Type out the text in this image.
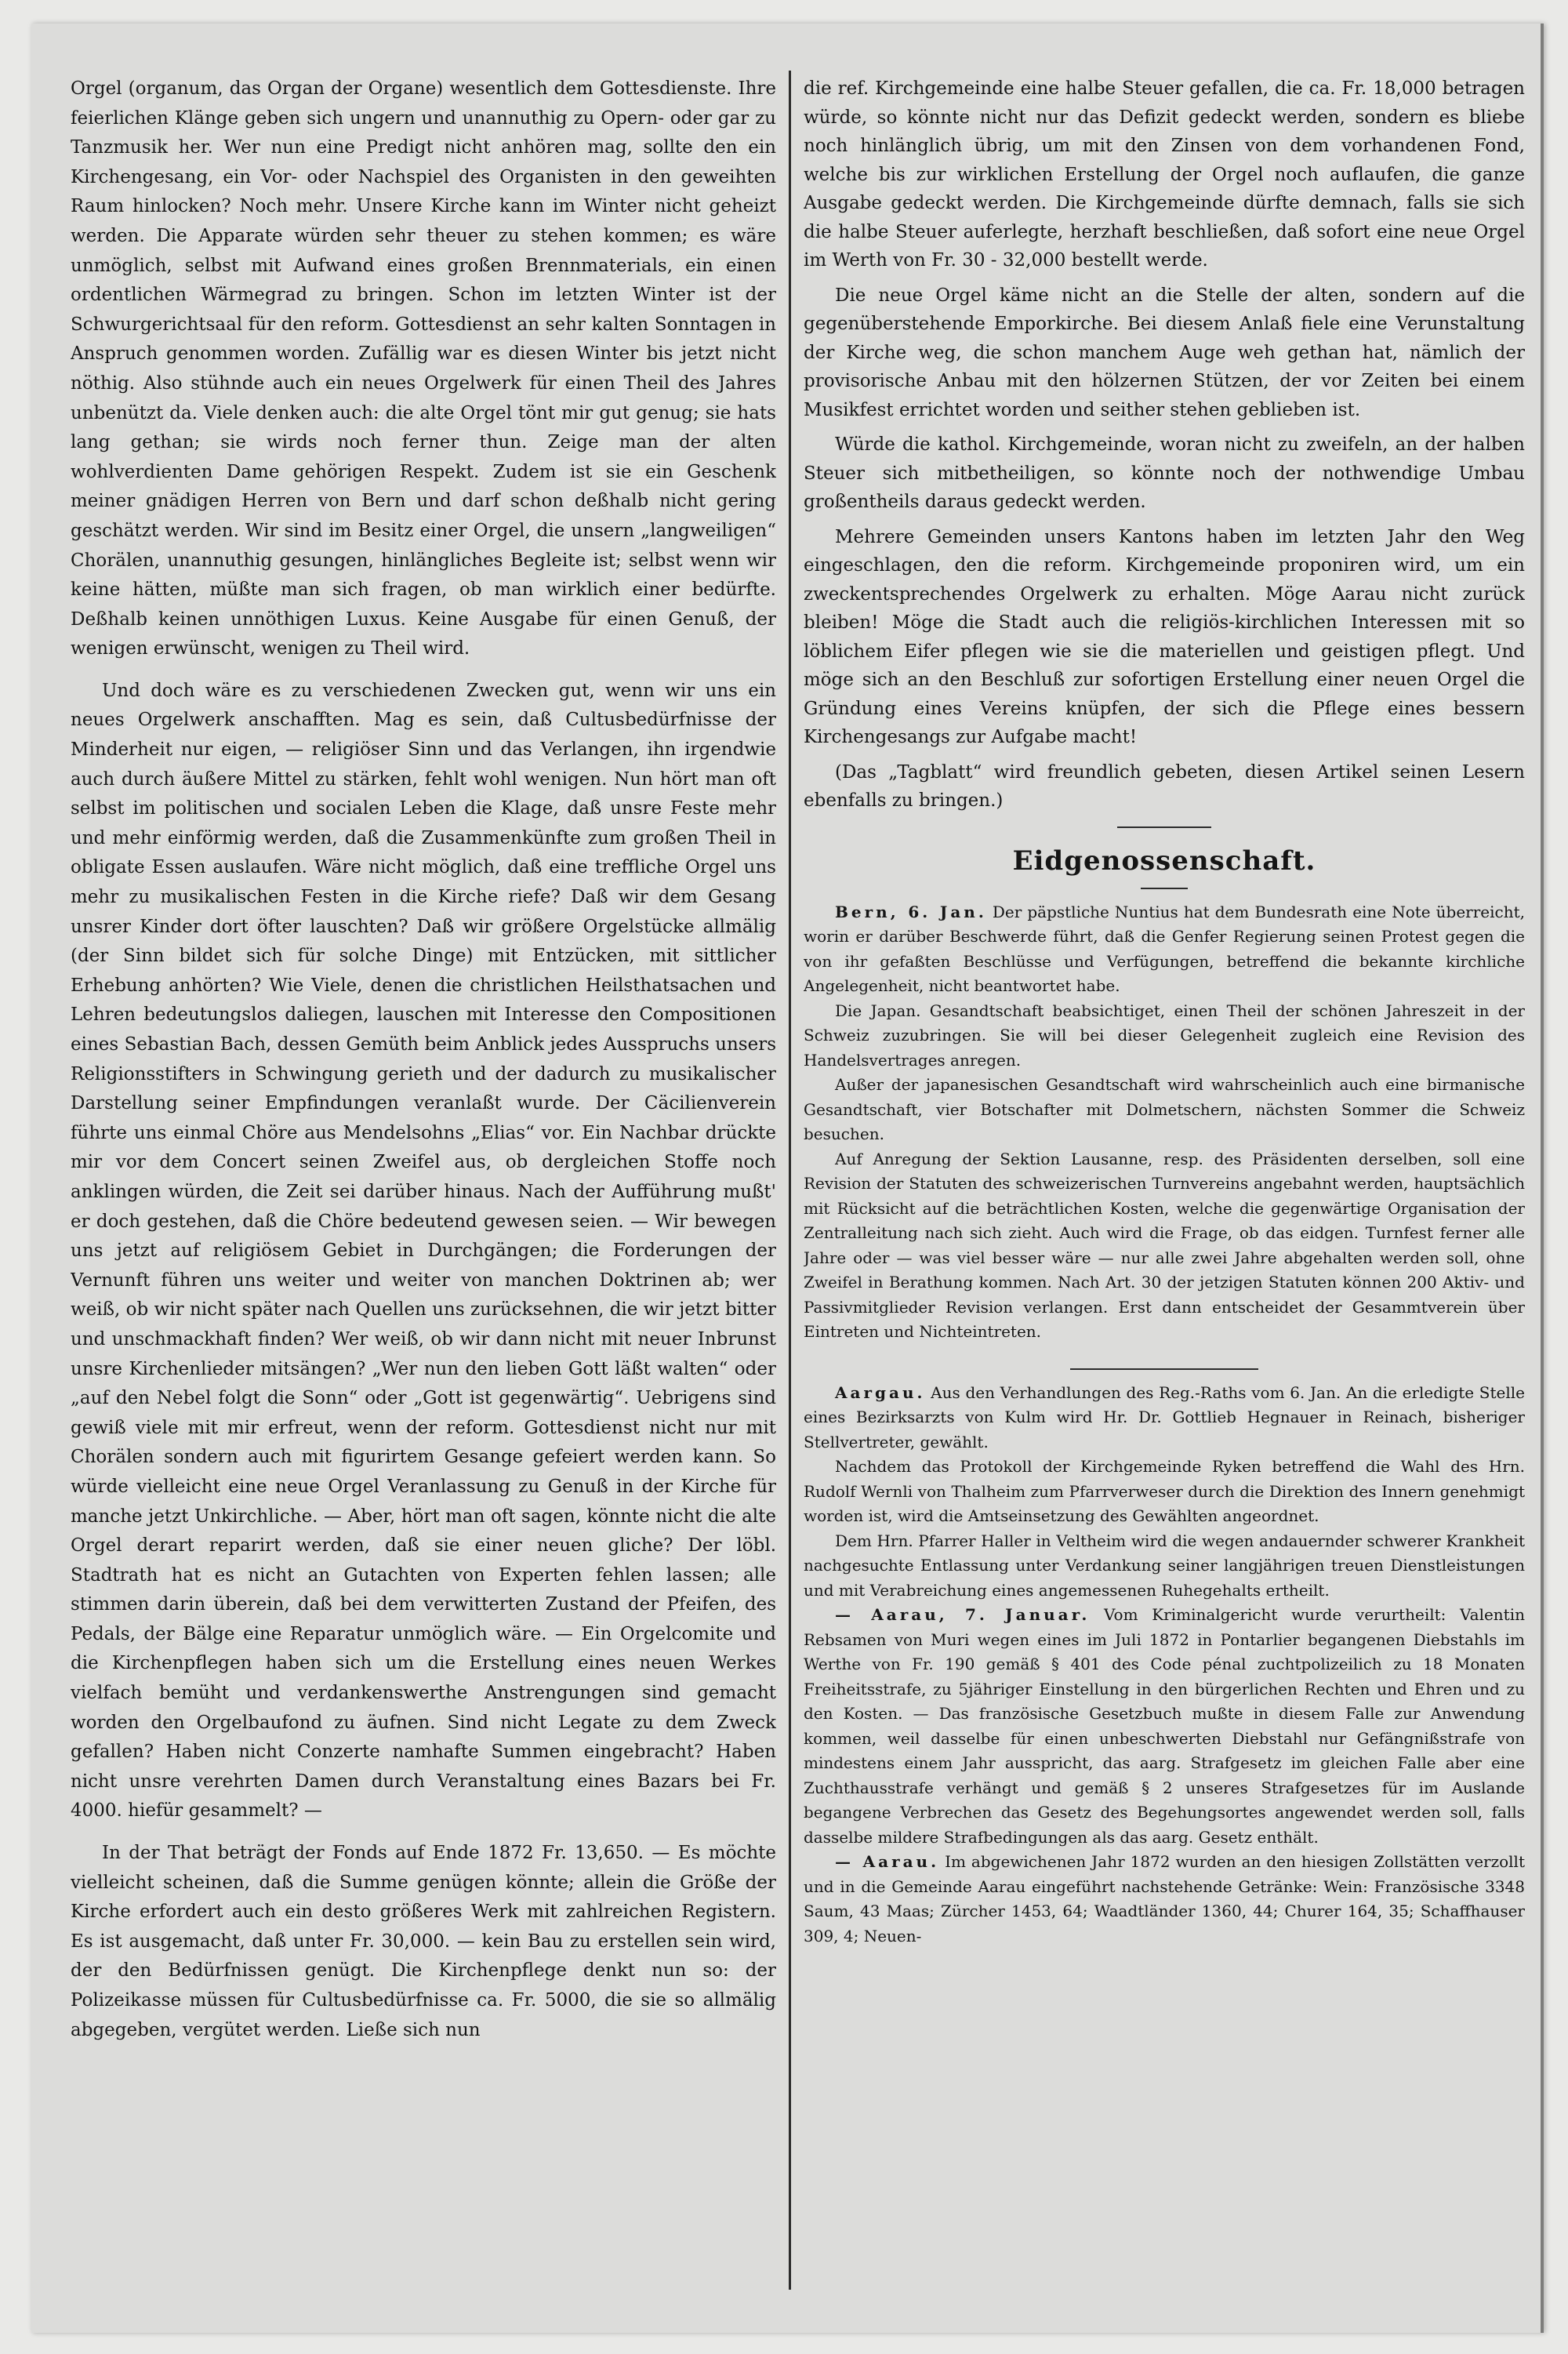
Orgel (organum, das Organ der Organe) wesentlich dem Gottesdienste. Ihre feierlichen Klänge geben sich ungern und unannuthig zu Opern- oder gar zu Tanzmusik her. Wer nun eine Predigt nicht anhören mag, sollte den ein Kirchengesang, ein Vor- oder Nachspiel des Organisten in den geweihten Raum hinlocken? Noch mehr. Unsere Kirche kann im Winter nicht geheizt werden. Die Apparate würden sehr theuer zu stehen kommen; es wäre unmöglich, selbst mit Aufwand eines großen Brennmaterials, ein einen ordentlichen Wärmegrad zu bringen. Schon im letzten Winter ist der Schwurgerichtsaal für den reform. Gottesdienst an sehr kalten Sonntagen in Anspruch genommen worden. Zufällig war es diesen Winter bis jetzt nicht nöthig. Also stühnde auch ein neues Orgelwerk für einen Theil des Jahres unbenützt da. Viele denken auch: die alte Orgel tönt mir gut genug; sie hats lang gethan; sie wirds noch ferner thun. Zeige man der alten wohlverdienten Dame gehörigen Respekt. Zudem ist sie ein Geschenk meiner gnädigen Herren von Bern und darf schon deßhalb nicht gering geschätzt werden. Wir sind im Besitz einer Orgel, die unsern „langweiligen“ Chorälen, unannuthig gesungen, hinlängliches Begleite ist; selbst wenn wir keine hätten, müßte man sich fragen, ob man wirklich einer bedürfte. Deßhalb keinen unnöthigen Luxus. Keine Ausgabe für einen Genuß, der wenigen erwünscht, wenigen zu Theil wird.

Und doch wäre es zu verschiedenen Zwecken gut, wenn wir uns ein neues Orgelwerk anschafften. Mag es sein, daß Cultusbedürfnisse der Minderheit nur eigen, — religiöser Sinn und das Verlangen, ihn irgendwie auch durch äußere Mittel zu stärken, fehlt wohl wenigen. Nun hört man oft selbst im politischen und socialen Leben die Klage, daß unsre Feste mehr und mehr einförmig werden, daß die Zusammenkünfte zum großen Theil in obligate Essen auslaufen. Wäre nicht möglich, daß eine treffliche Orgel uns mehr zu musikalischen Festen in die Kirche riefe? Daß wir dem Gesang unsrer Kinder dort öfter lauschten? Daß wir größere Orgelstücke allmälig (der Sinn bildet sich für solche Dinge) mit Entzücken, mit sittlicher Erhebung anhörten? Wie Viele, denen die christlichen Heilsthatsachen und Lehren bedeutungslos daliegen, lauschen mit Interesse den Compositionen eines Sebastian Bach, dessen Gemüth beim Anblick jedes Ausspruchs unsers Religionsstifters in Schwingung gerieth und der dadurch zu musikalischer Darstellung seiner Empfindungen veranlaßt wurde. Der Cäcilienverein führte uns einmal Chöre aus Mendelsohns „Elias“ vor. Ein Nachbar drückte mir vor dem Concert seinen Zweifel aus, ob dergleichen Stoffe noch anklingen würden, die Zeit sei darüber hinaus. Nach der Aufführung mußt' er doch gestehen, daß die Chöre bedeutend gewesen seien. — Wir bewegen uns jetzt auf religiösem Gebiet in Durchgängen; die Forderungen der Vernunft führen uns weiter und weiter von manchen Doktrinen ab; wer weiß, ob wir nicht später nach Quellen uns zurücksehnen, die wir jetzt bitter und unschmackhaft finden? Wer weiß, ob wir dann nicht mit neuer Inbrunst unsre Kirchenlieder mitsängen? „Wer nun den lieben Gott läßt walten“ oder „auf den Nebel folgt die Sonn“ oder „Gott ist gegenwärtig“. Uebrigens sind gewiß viele mit mir erfreut, wenn der reform. Gottesdienst nicht nur mit Chorälen sondern auch mit figurirtem Gesange gefeiert werden kann. So würde vielleicht eine neue Orgel Veranlassung zu Genuß in der Kirche für manche jetzt Unkirchliche. — Aber, hört man oft sagen, könnte nicht die alte Orgel derart reparirt werden, daß sie einer neuen gliche? Der löbl. Stadtrath hat es nicht an Gutachten von Experten fehlen lassen; alle stimmen darin überein, daß bei dem verwitterten Zustand der Pfeifen, des Pedals, der Bälge eine Reparatur unmöglich wäre. — Ein Orgelcomite und die Kirchenpflegen haben sich um die Erstellung eines neuen Werkes vielfach bemüht und verdankenswerthe Anstrengungen sind gemacht worden den Orgelbaufond zu äufnen. Sind nicht Legate zu dem Zweck gefallen? Haben nicht Conzerte namhafte Summen eingebracht? Haben nicht unsre verehrten Damen durch Veranstaltung eines Bazars bei Fr. 4000. hiefür gesammelt? —

In der That beträgt der Fonds auf Ende 1872 Fr. 13,650. — Es möchte vielleicht scheinen, daß die Summe genügen könnte; allein die Größe der Kirche erfordert auch ein desto größeres Werk mit zahlreichen Registern. Es ist ausgemacht, daß unter Fr. 30,000. — kein Bau zu erstellen sein wird, der den Bedürfnissen genügt. Die Kirchenpflege denkt nun so: der Polizeikasse müssen für Cultusbedürfnisse ca. Fr. 5000, die sie so allmälig abgegeben, vergütet werden. Ließe sich nun

die ref. Kirchgemeinde eine halbe Steuer gefallen, die ca. Fr. 18,000 betragen würde, so könnte nicht nur das Defizit gedeckt werden, sondern es bliebe noch hinlänglich übrig, um mit den Zinsen von dem vorhandenen Fond, welche bis zur wirklichen Erstellung der Orgel noch auflaufen, die ganze Ausgabe gedeckt werden. Die Kirchgemeinde dürfte demnach, falls sie sich die halbe Steuer auferlegte, herzhaft beschließen, daß sofort eine neue Orgel im Werth von Fr. 30 - 32,000 bestellt werde.

Die neue Orgel käme nicht an die Stelle der alten, sondern auf die gegenüberstehende Emporkirche. Bei diesem Anlaß fiele eine Verunstaltung der Kirche weg, die schon manchem Auge weh gethan hat, nämlich der provisorische Anbau mit den hölzernen Stützen, der vor Zeiten bei einem Musikfest errichtet worden und seither stehen geblieben ist.

Würde die kathol. Kirchgemeinde, woran nicht zu zweifeln, an der halben Steuer sich mitbetheiligen, so könnte noch der nothwendige Umbau großentheils daraus gedeckt werden.

Mehrere Gemeinden unsers Kantons haben im letzten Jahr den Weg eingeschlagen, den die reform. Kirchgemeinde proponiren wird, um ein zweckentsprechendes Orgelwerk zu erhalten. Möge Aarau nicht zurück bleiben! Möge die Stadt auch die religiös-kirchlichen Interessen mit so löblichem Eifer pflegen wie sie die materiellen und geistigen pflegt. Und möge sich an den Beschluß zur sofortigen Erstellung einer neuen Orgel die Gründung eines Vereins knüpfen, der sich die Pflege eines bessern Kirchengesangs zur Aufgabe macht!

(Das „Tagblatt“ wird freundlich gebeten, diesen Artikel seinen Lesern ebenfalls zu bringen.)

Eidgenossenschaft.

Bern, 6. Jan. Der päpstliche Nuntius hat dem Bundesrath eine Note überreicht, worin er darüber Beschwerde führt, daß die Genfer Regierung seinen Protest gegen die von ihr gefaßten Beschlüsse und Verfügungen, betreffend die bekannte kirchliche Angelegenheit, nicht beantwortet habe.

Die Japan. Gesandtschaft beabsichtiget, einen Theil der schönen Jahreszeit in der Schweiz zuzubringen. Sie will bei dieser Gelegenheit zugleich eine Revision des Handelsvertrages anregen.

Außer der japanesischen Gesandtschaft wird wahrscheinlich auch eine birmanische Gesandtschaft, vier Botschafter mit Dolmetschern, nächsten Sommer die Schweiz besuchen.

Auf Anregung der Sektion Lausanne, resp. des Präsidenten derselben, soll eine Revision der Statuten des schweizerischen Turnvereins angebahnt werden, hauptsächlich mit Rücksicht auf die beträchtlichen Kosten, welche die gegenwärtige Organisation der Zentralleitung nach sich zieht. Auch wird die Frage, ob das eidgen. Turnfest ferner alle Jahre oder — was viel besser wäre — nur alle zwei Jahre abgehalten werden soll, ohne Zweifel in Berathung kommen. Nach Art. 30 der jetzigen Statuten können 200 Aktiv- und Passivmitglieder Revision verlangen. Erst dann entscheidet der Gesammtverein über Eintreten und Nichteintreten.

Aargau. Aus den Verhandlungen des Reg.-Raths vom 6. Jan. An die erledigte Stelle eines Bezirksarzts von Kulm wird Hr. Dr. Gottlieb Hegnauer in Reinach, bisheriger Stellvertreter, gewählt.

Nachdem das Protokoll der Kirchgemeinde Ryken betreffend die Wahl des Hrn. Rudolf Wernli von Thalheim zum Pfarrverweser durch die Direktion des Innern genehmigt worden ist, wird die Amtseinsetzung des Gewählten angeordnet.

Dem Hrn. Pfarrer Haller in Veltheim wird die wegen andauernder schwerer Krankheit nachgesuchte Entlassung unter Verdankung seiner langjährigen treuen Dienstleistungen und mit Verabreichung eines angemessenen Ruhegehalts ertheilt.

— Aarau, 7. Januar. Vom Kriminalgericht wurde verurtheilt: Valentin Rebsamen von Muri wegen eines im Juli 1872 in Pontarlier begangenen Diebstahls im Werthe von Fr. 190 gemäß § 401 des Code pénal zuchtpolizeilich zu 18 Monaten Freiheitsstrafe, zu 5jähriger Einstellung in den bürgerlichen Rechten und Ehren und zu den Kosten. — Das französische Gesetzbuch mußte in diesem Falle zur Anwendung kommen, weil dasselbe für einen unbeschwerten Diebstahl nur Gefängnißstrafe von mindestens einem Jahr ausspricht, das aarg. Strafgesetz im gleichen Falle aber eine Zuchthausstrafe verhängt und gemäß § 2 unseres Strafgesetzes für im Auslande begangene Verbrechen das Gesetz des Begehungsortes angewendet werden soll, falls dasselbe mildere Strafbedingungen als das aarg. Gesetz enthält.

— Aarau. Im abgewichenen Jahr 1872 wurden an den hiesigen Zollstätten verzollt und in die Gemeinde Aarau eingeführt nachstehende Getränke: Wein: Französische 3348 Saum, 43 Maas; Zürcher 1453, 64; Waadtländer 1360, 44; Churer 164, 35; Schaffhauser 309, 4; Neuen-
